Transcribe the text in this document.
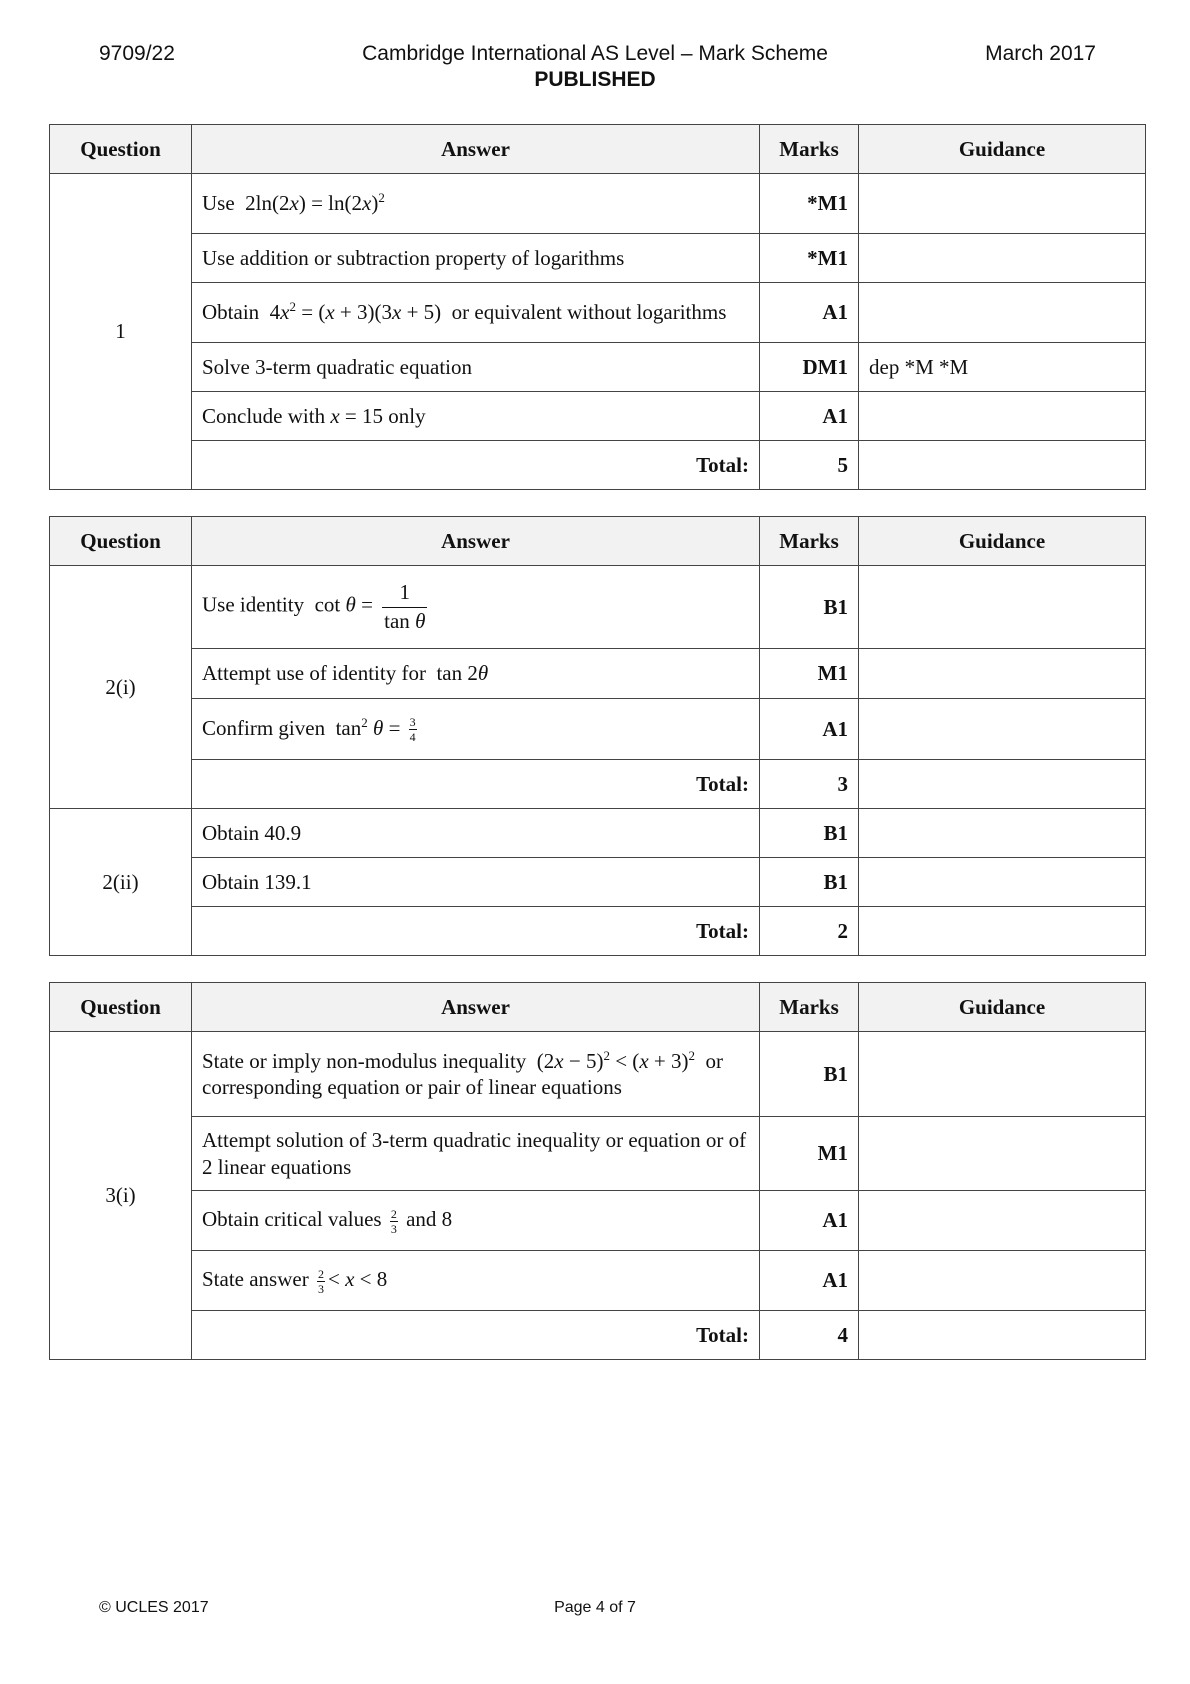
9709/22	Cambridge International AS Level – Mark Scheme
PUBLISHED
March 2017
Question	Answer	Marks	Guidance
1	Use  $2\ln(2x) = \ln(2x)^2$	*M1	
	Use addition or subtraction property of logarithms	*M1	
	Obtain  $4x^2 = (x + 3)(3x + 5)$  or equivalent without logarithms	A1	
	Solve 3-term quadratic equation	DM1	dep *M *M
	Conclude with x = 15 only	A1	
	Total:	5	
Question	Answer	Marks	Guidance
2(i)	Use identity  $\cot \theta = \frac{1}{\text{tan θ}}$	B1	
	Attempt use of identity for  tan 2θ	M1	
	Confirm given  $\tan^2 \theta = \frac{3}{4}$	A1	
	Total:	3	
2(ii)	Obtain 40.9	B1	
	Obtain 139.1	B1	
	Total:	2	
Question	Answer	Marks	Guidance
3(i)	State or imply non-modulus inequality  $(2x - 5)^2 < (x + 3)^2$  or corresponding equation or pair of linear equations	B1	
	Attempt solution of 3-term quadratic inequality or equation or of 2 linear equations	M1	
	Obtain critical values $\frac{2}{3}$ and 8	A1	
	State answer $\frac{2}{3} < x < 8$	A1	
	Total:	4	
© UCLES 2017	Page 4 of 7
